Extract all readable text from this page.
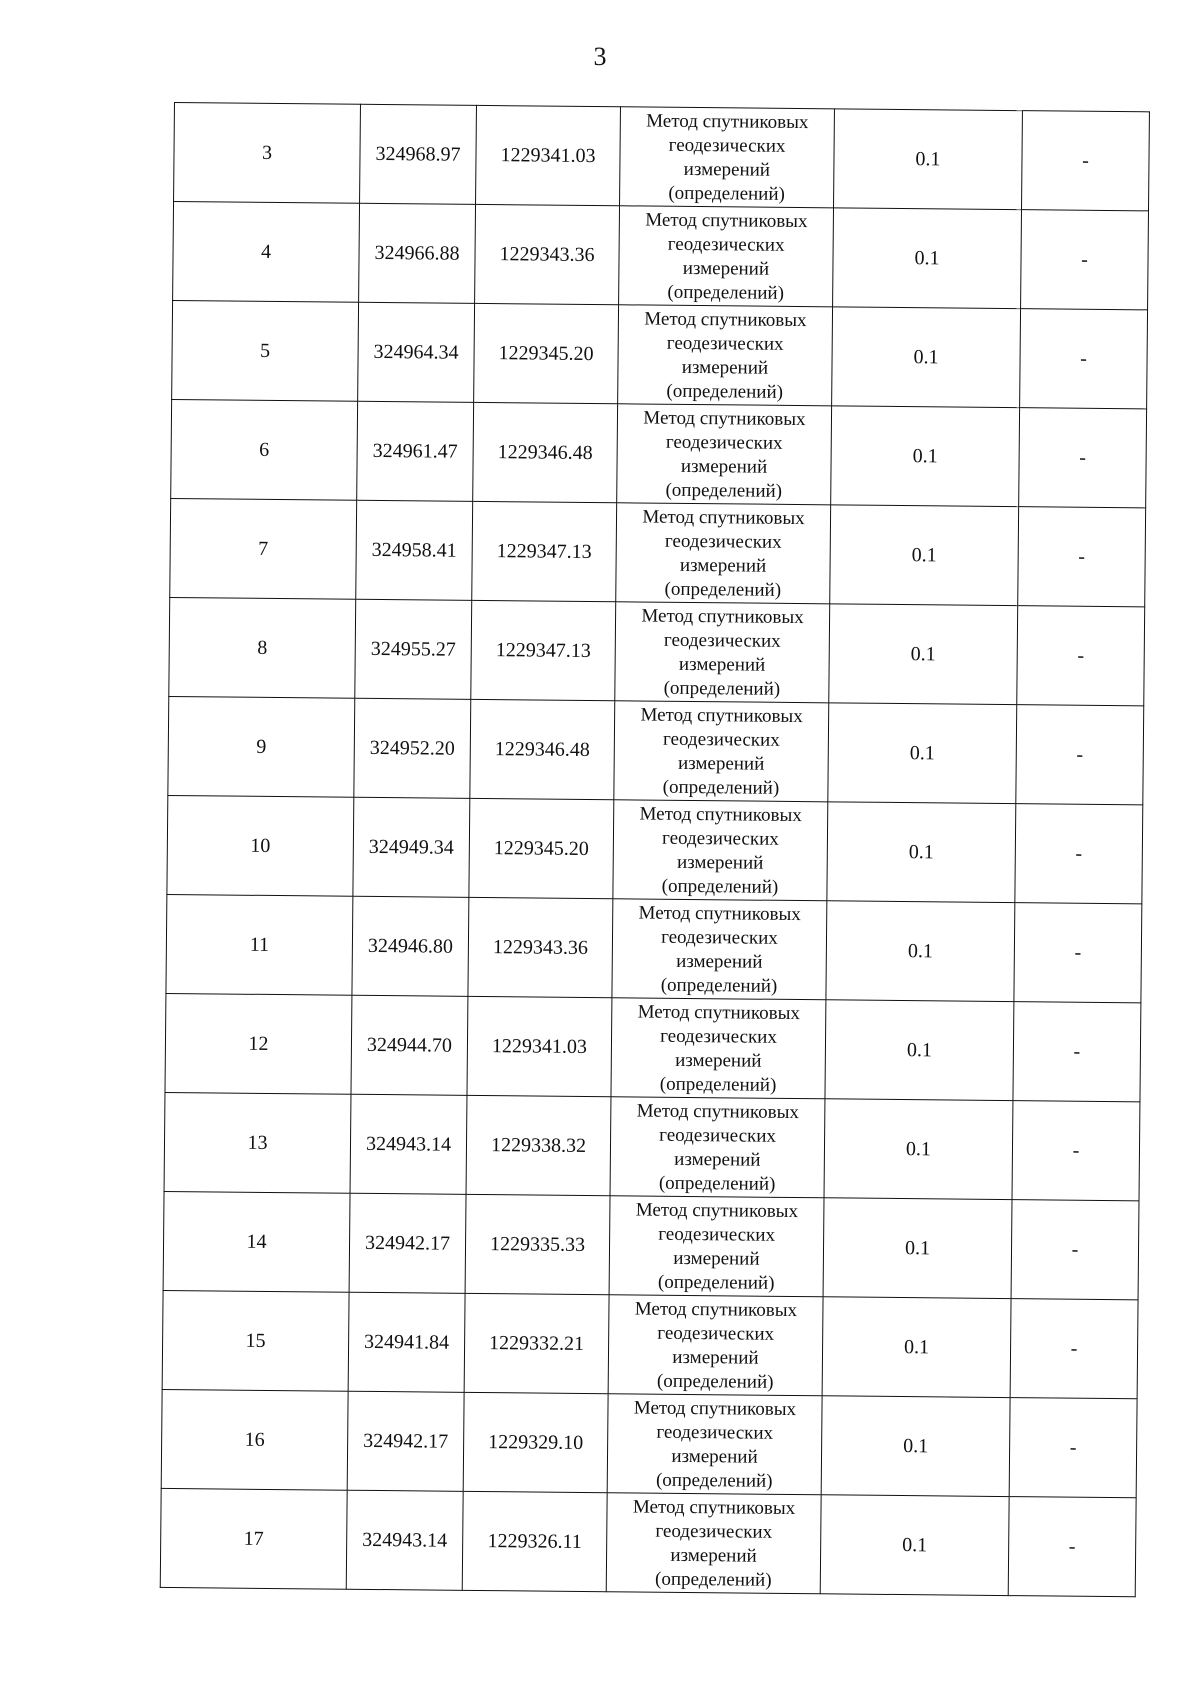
3
3	324968.97	1229341.03	Метод спутниковых геодезических измерений (определений)	0.1	-
4	324966.88	1229343.36	Метод спутниковых геодезических измерений (определений)	0.1	-
5	324964.34	1229345.20	Метод спутниковых геодезических измерений (определений)	0.1	-
6	324961.47	1229346.48	Метод спутниковых геодезических измерений (определений)	0.1	-
7	324958.41	1229347.13	Метод спутниковых геодезических измерений (определений)	0.1	-
8	324955.27	1229347.13	Метод спутниковых геодезических измерений (определений)	0.1	-
9	324952.20	1229346.48	Метод спутниковых геодезических измерений (определений)	0.1	-
10	324949.34	1229345.20	Метод спутниковых геодезических измерений (определений)	0.1	-
11	324946.80	1229343.36	Метод спутниковых геодезических измерений (определений)	0.1	-
12	324944.70	1229341.03	Метод спутниковых геодезических измерений (определений)	0.1	-
13	324943.14	1229338.32	Метод спутниковых геодезических измерений (определений)	0.1	-
14	324942.17	1229335.33	Метод спутниковых геодезических измерений (определений)	0.1	-
15	324941.84	1229332.21	Метод спутниковых геодезических измерений (определений)	0.1	-
16	324942.17	1229329.10	Метод спутниковых геодезических измерений (определений)	0.1	-
17	324943.14	1229326.11	Метод спутниковых геодезических измерений (определений)	0.1	-
